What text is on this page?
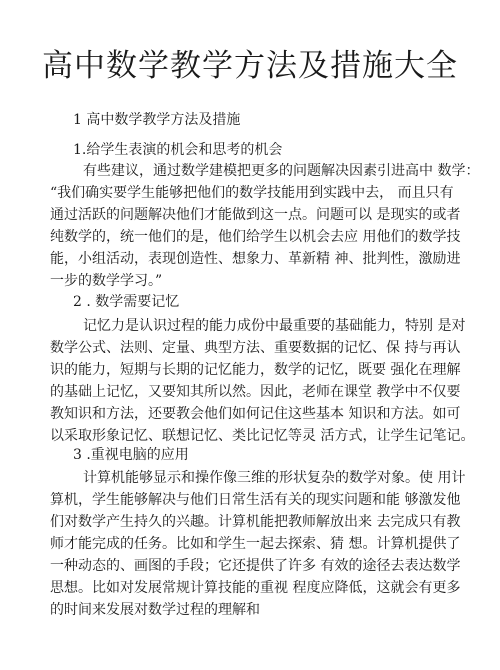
高中数学教学方法及措施大全
1 高中数学教学方法及措施
1.给学生表演的机会和思考的机会
有些建议，通过数学建模把更多的问题解决因素引进高中 数学：
“我们确实要学生能够把他们的数学技能用到实践中去， 而且只有
通过活跃的问题解决他们才能做到这一点。问题可以 是现实的或者
纯数学的，统一他们的是，他们给学生以机会去应 用他们的数学技
能，小组活动，表现创造性、想象力、革新精 神、批判性，激励进
一步的数学学习。”
2 . 数学需要记忆
记忆力是认识过程的能力成份中最重要的基础能力，特别 是对
数学公式、法则、定量、典型方法、重要数据的记忆、保 持与再认
识的能力，短期与长期的记忆能力，数学的记忆，既要 强化在理解
的基础上记忆，又要知其所以然。因此，老师在课堂 教学中不仅要
教知识和方法，还要教会他们如何记住这些基本 知识和方法。如可
以采取形象记忆、联想记忆、类比记忆等灵 活方式，让学生记笔记。
3 .重视电脑的应用
计算机能够显示和操作像三维的形状复杂的数学对象。使 用计
算机，学生能够解决与他们日常生活有关的现实问题和能 够激发他
们对数学产生持久的兴趣。计算机能把教师解放出来 去完成只有教
师才能完成的任务。比如和学生一起去探索、猜 想。计算机提供了
一种动态的、画图的手段；它还提供了许多 有效的途径去表达数学
思想。比如对发展常规计算技能的重视 程度应降低，这就会有更多
的时间来发展对数学过程的理解和
